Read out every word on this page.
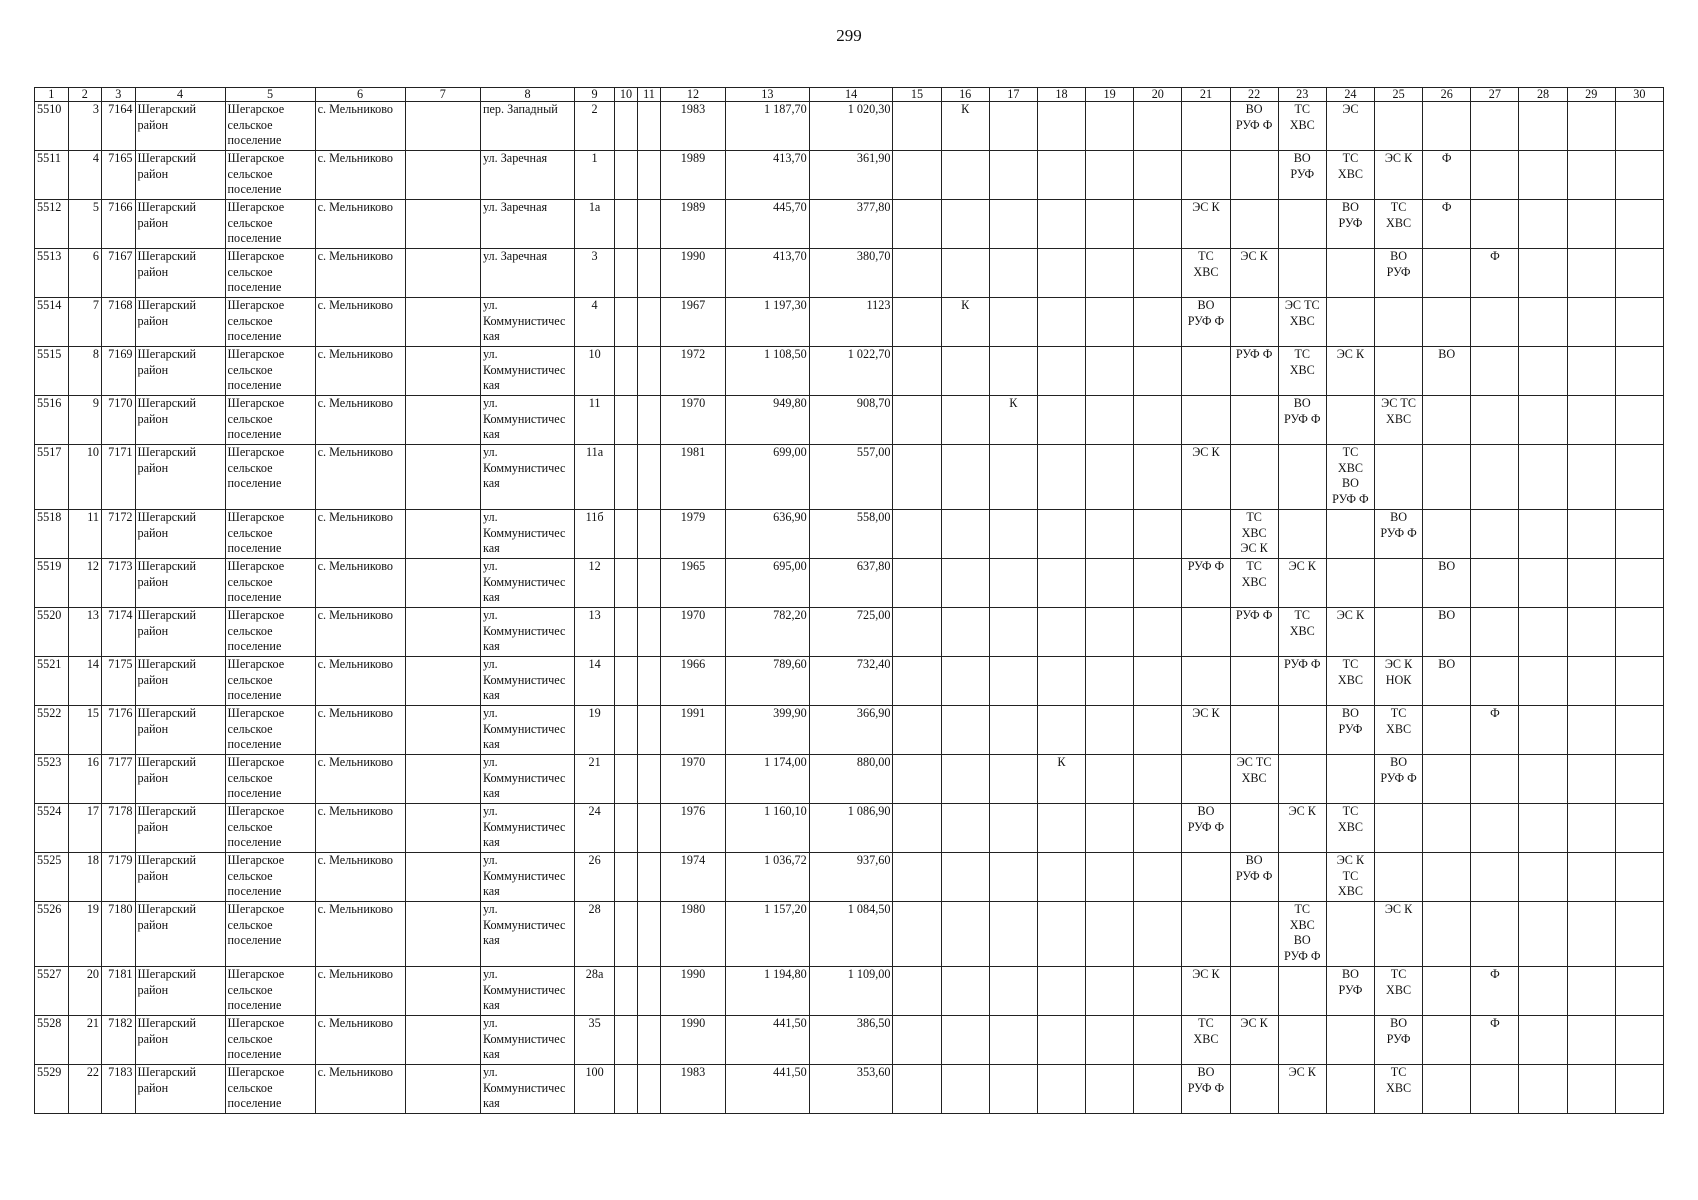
299
1	2	3	4	5	6	7	8	9	10	11	12	13	14	15	16	17	18	19	20	21	22	23	24	25	26	27	28	29	30
5510	3	7164	Шегарский
район	Шегарское
сельское
поселение	с. Мельниково		пер. Западный	2			1983	1 187,70	1 020,30		К						ВО
РУФ Ф	ТС
ХВС	ЭС						
5511	4	7165	Шегарский
район	Шегарское
сельское
поселение	с. Мельниково		ул. Заречная	1			1989	413,70	361,90									ВО
РУФ	ТС
ХВС	ЭС К	Ф				
5512	5	7166	Шегарский
район	Шегарское
сельское
поселение	с. Мельниково		ул. Заречная	1а			1989	445,70	377,80							ЭС К			ВО
РУФ	ТС
ХВС	Ф				
5513	6	7167	Шегарский
район	Шегарское
сельское
поселение	с. Мельниково		ул. Заречная	3			1990	413,70	380,70							ТС
ХВС	ЭС К			ВО
РУФ		Ф			
5514	7	7168	Шегарский
район	Шегарское
сельское
поселение	с. Мельниково		ул.
Коммунистичес
кая	4			1967	1 197,30	1123		К					ВО
РУФ Ф		ЭС ТС
ХВС							
5515	8	7169	Шегарский
район	Шегарское
сельское
поселение	с. Мельниково		ул.
Коммунистичес
кая	10			1972	1 108,50	1 022,70								РУФ Ф	ТС
ХВС	ЭС К		ВО				
5516	9	7170	Шегарский
район	Шегарское
сельское
поселение	с. Мельниково		ул.
Коммунистичес
кая	11			1970	949,80	908,70			К						ВО
РУФ Ф		ЭС ТС
ХВС					
5517	10	7171	Шегарский
район	Шегарское
сельское
поселение	с. Мельниково		ул.
Коммунистичес
кая	11а			1981	699,00	557,00							ЭС К			ТС
ХВС
ВО
РУФ Ф						
5518	11	7172	Шегарский
район	Шегарское
сельское
поселение	с. Мельниково		ул.
Коммунистичес
кая	11б			1979	636,90	558,00								ТС
ХВС
ЭС К			ВО
РУФ Ф					
5519	12	7173	Шегарский
район	Шегарское
сельское
поселение	с. Мельниково		ул.
Коммунистичес
кая	12			1965	695,00	637,80							РУФ Ф	ТС
ХВС	ЭС К			ВО				
5520	13	7174	Шегарский
район	Шегарское
сельское
поселение	с. Мельниково		ул.
Коммунистичес
кая	13			1970	782,20	725,00								РУФ Ф	ТС
ХВС	ЭС К		ВО				
5521	14	7175	Шегарский
район	Шегарское
сельское
поселение	с. Мельниково		ул.
Коммунистичес
кая	14			1966	789,60	732,40									РУФ Ф	ТС
ХВС	ЭС К
НОК	ВО				
5522	15	7176	Шегарский
район	Шегарское
сельское
поселение	с. Мельниково		ул.
Коммунистичес
кая	19			1991	399,90	366,90							ЭС К			ВО
РУФ	ТС
ХВС		Ф			
5523	16	7177	Шегарский
район	Шегарское
сельское
поселение	с. Мельниково		ул.
Коммунистичес
кая	21			1970	1 174,00	880,00				К				ЭС ТС
ХВС			ВО
РУФ Ф					
5524	17	7178	Шегарский
район	Шегарское
сельское
поселение	с. Мельниково		ул.
Коммунистичес
кая	24			1976	1 160,10	1 086,90							ВО
РУФ Ф		ЭС К	ТС
ХВС						
5525	18	7179	Шегарский
район	Шегарское
сельское
поселение	с. Мельниково		ул.
Коммунистичес
кая	26			1974	1 036,72	937,60								ВО
РУФ Ф		ЭС К
ТС
ХВС						
5526	19	7180	Шегарский
район	Шегарское
сельское
поселение	с. Мельниково		ул.
Коммунистичес
кая	28			1980	1 157,20	1 084,50									ТС
ХВС
ВО
РУФ Ф		ЭС К					
5527	20	7181	Шегарский
район	Шегарское
сельское
поселение	с. Мельниково		ул.
Коммунистичес
кая	28а			1990	1 194,80	1 109,00							ЭС К			ВО
РУФ	ТС
ХВС		Ф			
5528	21	7182	Шегарский
район	Шегарское
сельское
поселение	с. Мельниково		ул.
Коммунистичес
кая	35			1990	441,50	386,50							ТС
ХВС	ЭС К			ВО
РУФ		Ф			
5529	22	7183	Шегарский
район	Шегарское
сельское
поселение	с. Мельниково		ул.
Коммунистичес
кая	100			1983	441,50	353,60							ВО
РУФ Ф		ЭС К		ТС
ХВС					
